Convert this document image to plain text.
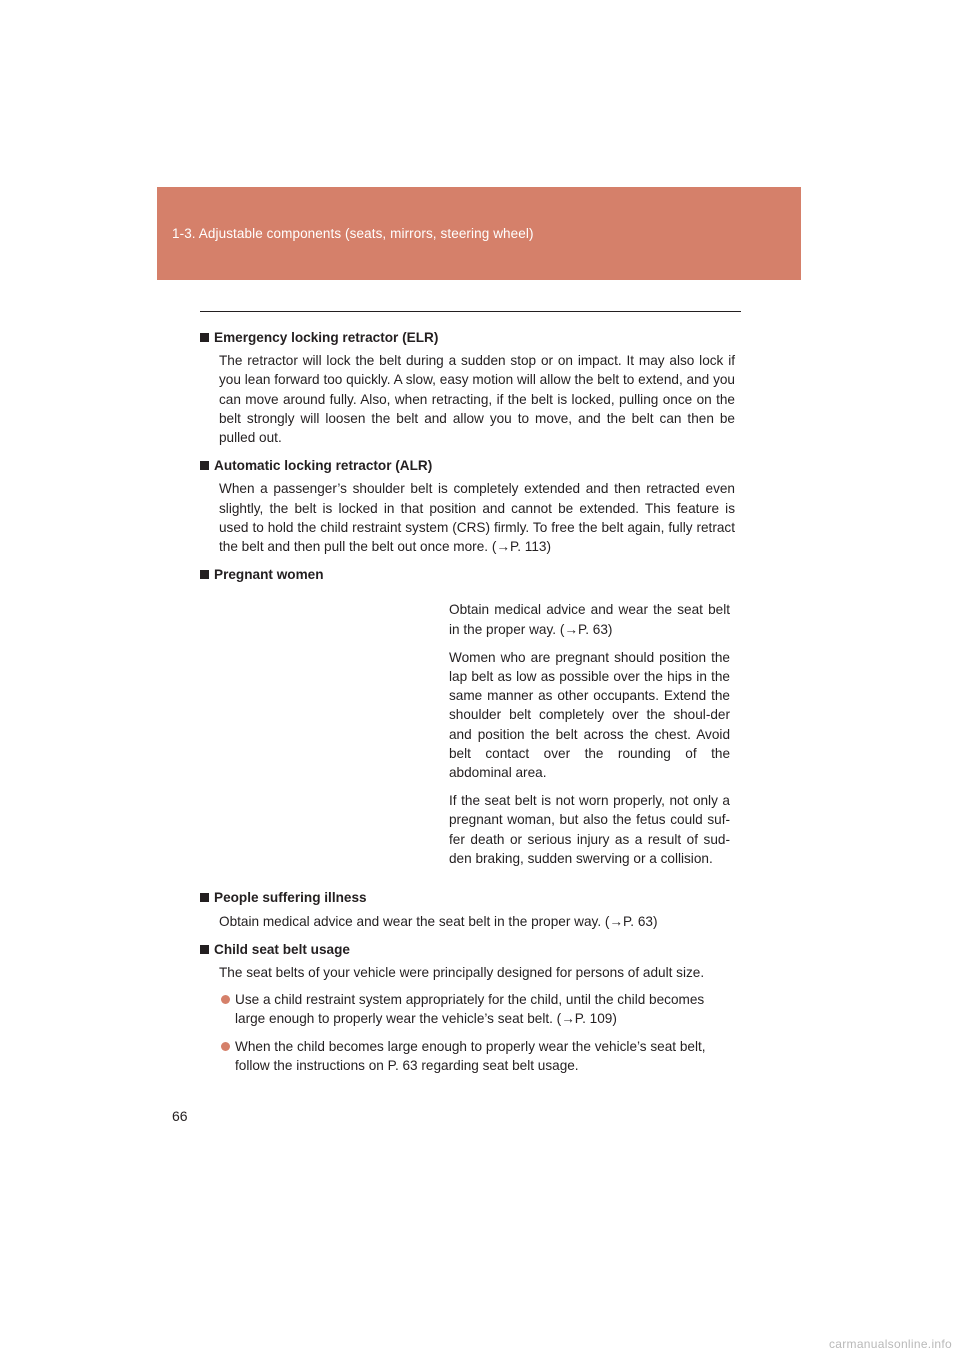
1-3. Adjustable components (seats, mirrors, steering wheel)
Emergency locking retractor (ELR)

The retractor will lock the belt during a sudden stop or on impact. It may also lock if you lean forward too quickly. A slow, easy motion will allow the belt to extend, and you can move around fully. Also, when retracting, if the belt is locked, pulling once on the belt strongly will loosen the belt and allow you to move, and the belt can then be pulled out.

Automatic locking retractor (ALR)

When a passenger’s shoulder belt is completely extended and then retracted even slightly, the belt is locked in that position and cannot be extended. This feature is used to hold the child restraint system (CRS) firmly. To free the belt again, fully retract the belt and then pull the belt out once more. (→P. 113)

Pregnant women

Obtain medical advice and wear the seat belt in the proper way. (→P. 63)

Women who are pregnant should position the lap belt as low as possible over the hips in the same manner as other occupants. Extend the shoulder belt completely over the shoul-der and position the belt across the chest. Avoid belt contact over the rounding of the abdominal area.

If the seat belt is not worn properly, not only a pregnant woman, but also the fetus could suf-fer death or serious injury as a result of sud-den braking, sudden swerving or a collision.

People suffering illness

Obtain medical advice and wear the seat belt in the proper way. (→P. 63)

Child seat belt usage

The seat belts of your vehicle were principally designed for persons of adult size.

Use a child restraint system appropriately for the child, until the child becomes large enough to properly wear the vehicle’s seat belt. (→P. 109)
When the child becomes large enough to properly wear the vehicle’s seat belt, follow the instructions on P. 63 regarding seat belt usage.
66
carmanualsonline.info
